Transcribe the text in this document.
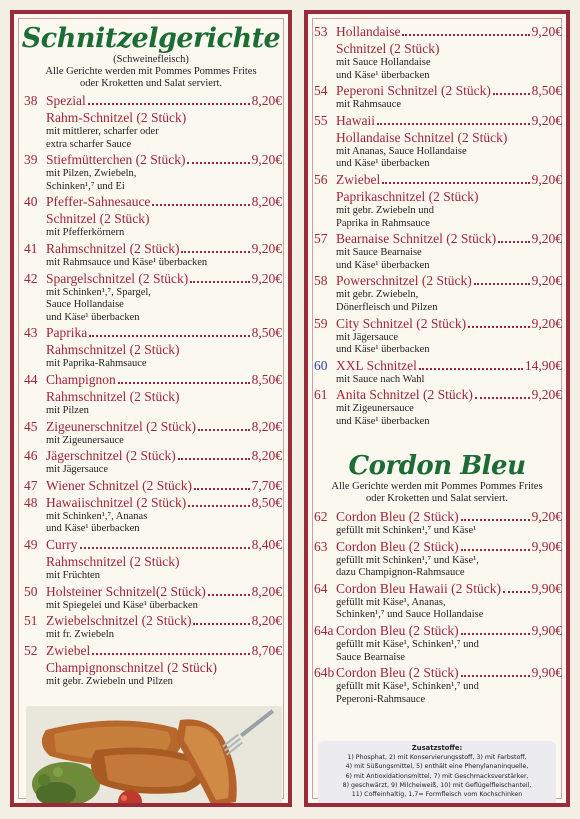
Schnitzelgerichte
(Schweinefleisch)
Alle Gerichte werden mit Pommes Pommes Frites
oder Kroketten und Salat serviert.
38 Spezial	8,20€
Rahm-Schnitzel (2 Stück)
mit mittlerer, scharfer oder
extra scharfer Sauce
39 Stiefmütterchen (2 Stück)	9,20€
mit Pilzen, Zwiebeln,
Schinken¹,⁷ und Ei
40 Pfeffer-Sahnesauce	8,20€
Schnitzel (2 Stück)
mit Pfefferkörnern
41 Rahmschnitzel (2 Stück)	9,20€
mit Rahmsauce und Käse¹ überbacken
42 Spargelschnitzel (2 Stück)	9,20€
mit Schinken¹,⁷, Spargel,
Sauce Hollandaise
und Käse¹ überbacken
43 Paprika	8,50€
Rahmschnitzel (2 Stück)
mit Paprika-Rahmsauce
44 Champignon	8,50€
Rahmschnitzel (2 Stück)
mit Pilzen
45 Zigeunerschnitzel (2 Stück)	8,20€
mit Zigeunersauce
46 Jägerschnitzel (2 Stück)	8,20€
mit Jägersauce
47 Wiener Schnitzel (2 Stück)	7,70€
48 Hawaiischnitzel (2 Stück)	8,50€
mit Schinken¹,⁷, Ananas
und Käse¹ überbacken
49 Curry	8,40€
Rahmschnitzel (2 Stück)
mit Früchten
50 Holsteiner Schnitzel(2 Stück)	8,20€
mit Spiegelei und Käse¹ überbacken
51 Zwiebelschnitzel (2 Stück)	8,20€
mit fr. Zwiebeln
52 Zwiebel	8,70€
Champignonschnitzel (2 Stück)
mit gebr. Zwiebeln und Pilzen
53 Hollandaise	9,20€
Schnitzel (2 Stück)
mit Sauce Hollandaise
und Käse¹ überbacken
54 Peperoni Schnitzel (2 Stück)	8,50€
mit Rahmsauce
55 Hawaii	9,20€
Hollandaise Schnitzel (2 Stück)
mit Ananas, Sauce Hollandaise
und Käse¹ überbacken
56 Zwiebel	9,20€
Paprikaschnitzel (2 Stück)
mit gebr. Zwiebeln und
Paprika in Rahmsauce
57 Bearnaise Schnitzel (2 Stück)	9,20€
mit Sauce Bearnaise
und Käse¹ überbacken
58 Powerschnitzel (2 Stück)	9,20€
mit gebr. Zwiebeln,
Dönerfleisch und Pilzen
59 City Schnitzel (2 Stück)	9,20€
mit Jägersauce
und Käse¹ überbacken
60 XXL Schnitzel	14,90€
mit Sauce nach Wahl
61 Anita Schnitzel (2 Stück)	9,20€
mit Zigeunersauce
und Käse¹ überbacken
Cordon Bleu
Alle Gerichte werden mit Pommes Pommes Frites
oder Kroketten und Salat serviert.
62 Cordon Bleu (2 Stück)	9,20€
gefüllt mit Schinken¹,⁷ und Käse¹
63 Cordon Bleu (2 Stück)	9,90€
gefüllt mit Schinken¹,⁷ und Käse¹,
dazu Champignon-Rahmsauce
64 Cordon Bleu Hawaii (2 Stück) 9,90€
gefüllt mit Käse¹, Ananas,
Schinken¹,⁷ und Sauce Hollandaise
64a Cordon Bleu (2 Stück)	9,90€
gefüllt mit Käse¹, Schinken¹,⁷ und
Sauce Bearnaise
64b Cordon Bleu (2 Stück)	9,90€
gefüllt mit Käse¹, Schinken¹,⁷ und
Peperoni-Rahmsauce
Zusatzstoffe:
1) Phosphat, 2) mit Konservierungsstoff, 3) mit Farbstoff,
4) mit Süßungsmittel, 5) enthält eine Phenylananinquelle,
6) mit Antioxidationsmittel, 7) mit Geschmacksverstärker,
8) geschwärzt, 9) Milcheiweiß, 10) mit Geflügelfleischanteil,
11) Coffeinhaltig, 1,7= Formfleisch vom Kochschinken
